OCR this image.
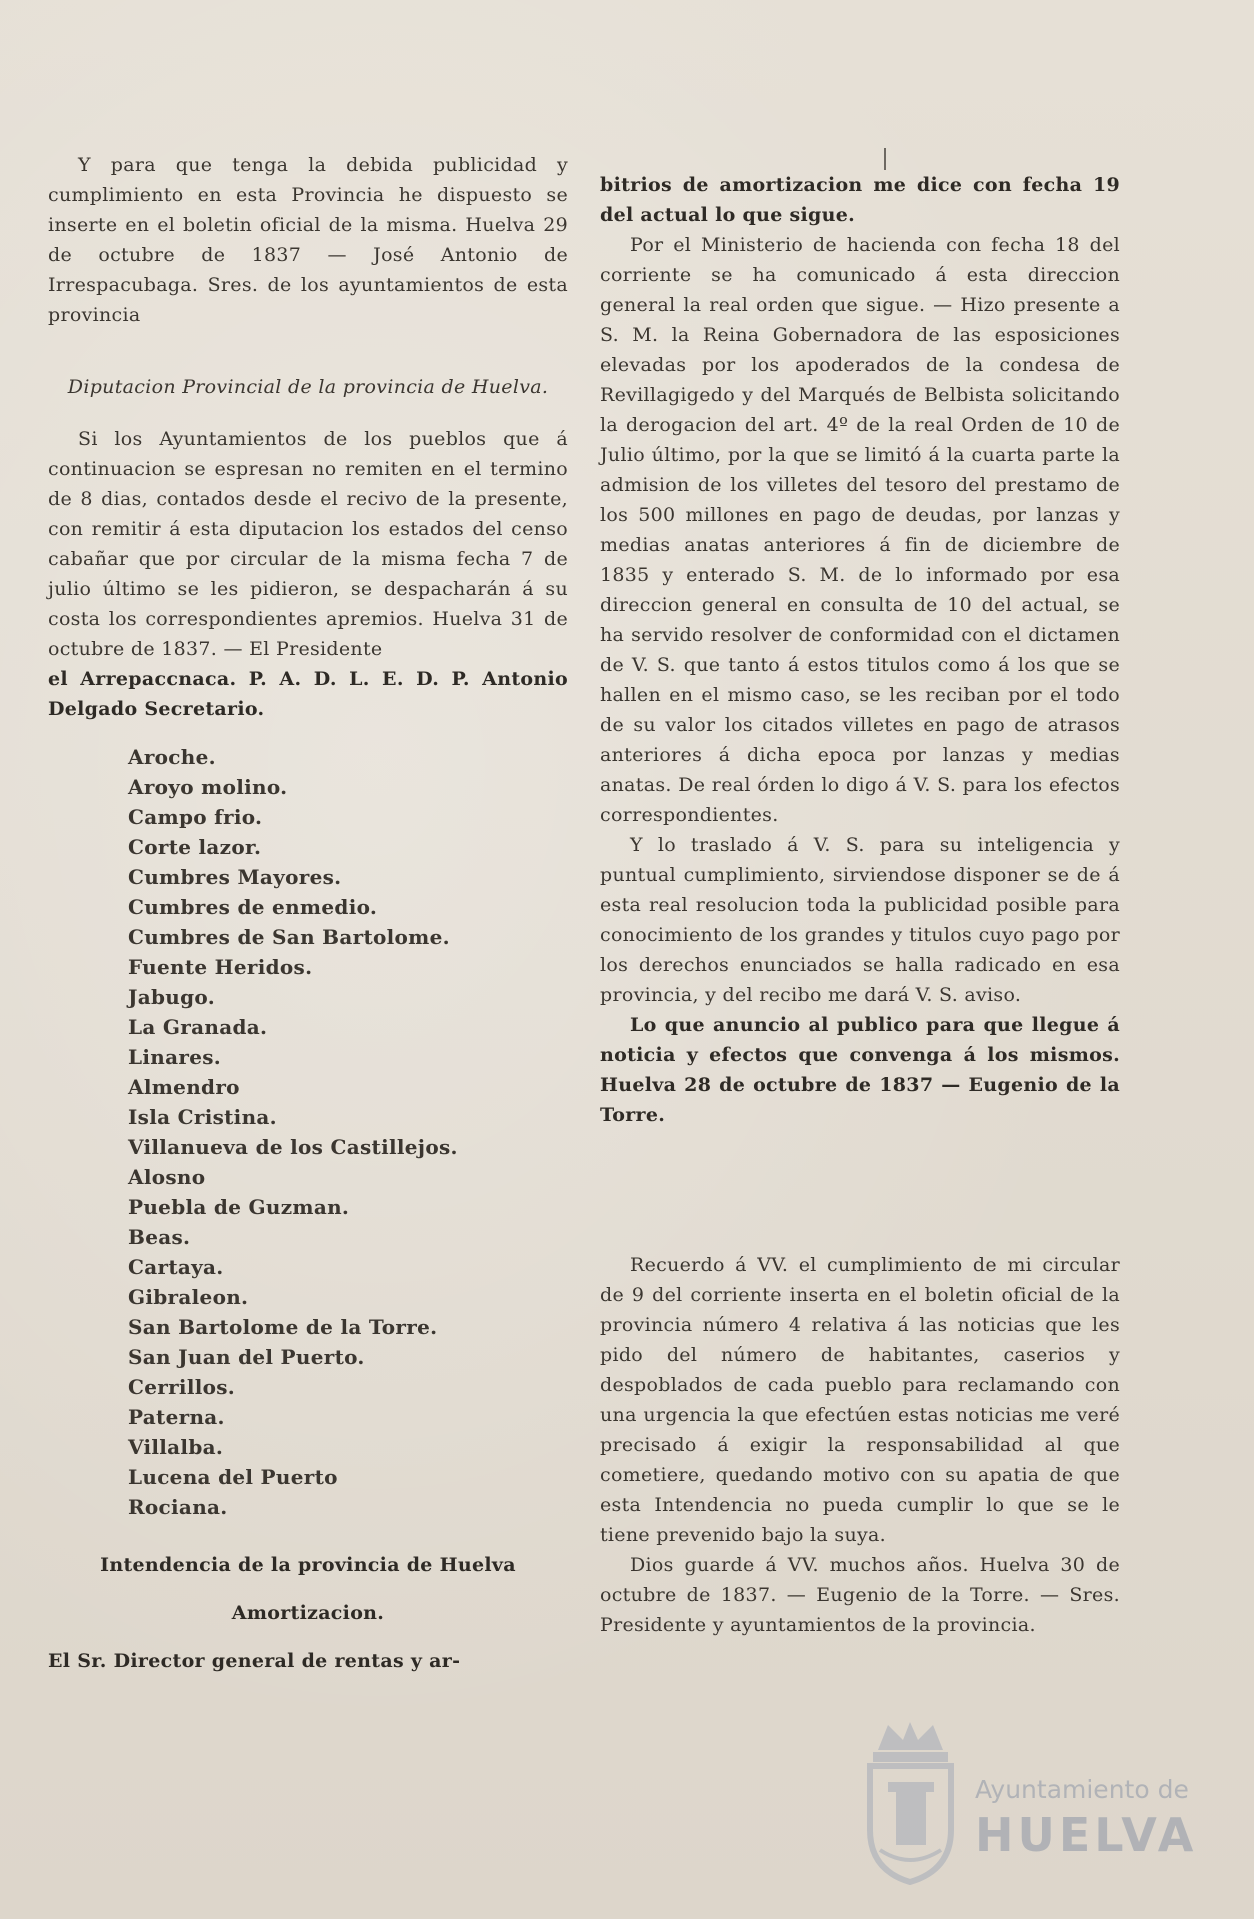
Y para que tenga la debida publicidad y cumplimiento en esta Provincia he dispuesto se inserte en el boletin oficial de la misma. Huelva 29 de octubre de 1837 — José Antonio de Irrespacubaga. Sres. de los ayuntamientos de esta provincia

Diputacion Provincial de la provincia de Huelva.

Si los Ayuntamientos de los pueblos que á continuacion se espresan no remiten en el termino de 8 dias, contados desde el recivo de la presente, con remitir á esta diputacion los estados del censo cabañar que por circular de la misma fecha 7 de julio último se les pidieron, se despacharán á su costa los correspondientes apremios. Huelva 31 de octubre de 1837. — El Presidente

el Arrepaccnaca. P. A. D. L. E. D. P. Antonio Delgado Secretario.

Aroche.
Aroyo molino.
Campo frio.
Corte lazor.
Cumbres Mayores.
Cumbres de enmedio.
Cumbres de San Bartolome.
Fuente Heridos.
Jabugo.
La Granada.
Linares.
Almendro
Isla Cristina.
Villanueva de los Castillejos.
Alosno
Puebla de Guzman.
Beas.
Cartaya.
Gibraleon.
San Bartolome de la Torre.
San Juan del Puerto.
Cerrillos.
Paterna.
Villalba.
Lucena del Puerto
Rociana.

Intendencia de la provincia de Huelva

Amortizacion.

El Sr. Director general de rentas y ar-

bitrios de amortizacion me dice con fecha 19 del actual lo que sigue.

Por el Ministerio de hacienda con fecha 18 del corriente se ha comunicado á esta direccion general la real orden que sigue. — Hizo presente a S. M. la Reina Gobernadora de las esposiciones elevadas por los apoderados de la condesa de Revillagigedo y del Marqués de Belbista solicitando la derogacion del art. 4º de la real Orden de 10 de Julio último, por la que se limitó á la cuarta parte la admision de los villetes del tesoro del prestamo de los 500 millones en pago de deudas, por lanzas y medias anatas anteriores á fin de diciembre de 1835 y enterado S. M. de lo informado por esa direccion general en consulta de 10 del actual, se ha servido resolver de conformidad con el dictamen de V. S. que tanto á estos titulos como á los que se hallen en el mismo caso, se les reciban por el todo de su valor los citados villetes en pago de atrasos anteriores á dicha epoca por lanzas y medias anatas. De real órden lo digo á V. S. para los efectos correspondientes.

Y lo traslado á V. S. para su inteligencia y puntual cumplimiento, sirviendose disponer se de á esta real resolucion toda la publicidad posible para conocimiento de los grandes y titulos cuyo pago por los derechos enunciados se halla radicado en esa provincia, y del recibo me dará V. S. aviso.

Lo que anuncio al publico para que llegue á noticia y efectos que convenga á los mismos. Huelva 28 de octubre de 1837 — Eugenio de la Torre.

Recuerdo á VV. el cumplimiento de mi circular de 9 del corriente inserta en el boletin oficial de la provincia número 4 relativa á las noticias que les pido del número de habitantes, caserios y despoblados de cada pueblo para reclamando con una urgencia la que efectúen estas noticias me veré precisado á exigir la responsabilidad al que cometiere, quedando motivo con su apatia de que esta Intendencia no pueda cumplir lo que se le tiene prevenido bajo la suya.

Dios guarde á VV. muchos años. Huelva 30 de octubre de 1837. — Eugenio de la Torre. — Sres. Presidente y ayuntamientos de la provincia.

Ayuntamiento de
HUELVA
